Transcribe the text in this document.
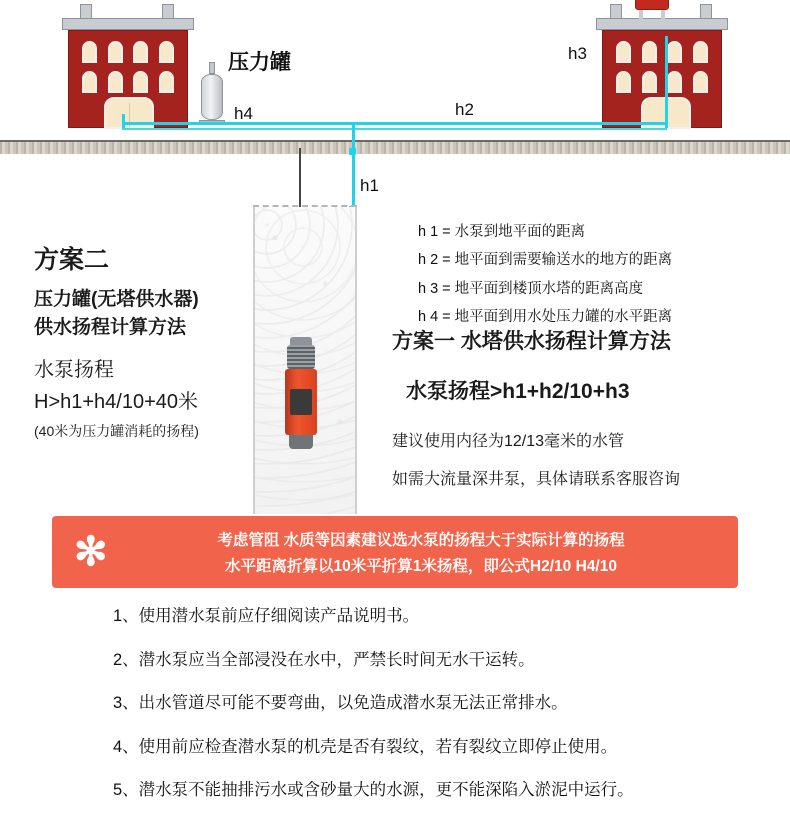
压力罐	h3
h2
h4
h1
h 1 = 水泵到地平面的距离
h 2 = 地平面到需要输送水的地方的距离
h 3 = 地平面到楼顶水塔的距离高度
h 4 = 地平面到用水处压力罐的水平距离
方案二
压力罐(无塔供水器)
供水扬程计算方法
水泵扬程
H>h1+h4/10+40米
(40米为压力罐消耗的扬程)
方案一 水塔供水扬程计算方法
水泵扬程>h1+h2/10+h3
建议使用内径为12/13毫米的水管
如需大流量深井泵，具体请联系客服咨询
✻	考虑管阻 水质等因素建议选水泵的扬程大于实际计算的扬程
水平距离折算以10米平折算1米扬程，即公式H2/10 H4/10
1、使用潜水泵前应仔细阅读产品说明书。
2、潜水泵应当全部浸没在水中，严禁长时间无水干运转。
3、出水管道尽可能不要弯曲，以免造成潜水泵无法正常排水。
4、使用前应检查潜水泵的机壳是否有裂纹，若有裂纹立即停止使用。
5、潜水泵不能抽排污水或含砂量大的水源，更不能深陷入淤泥中运行。
